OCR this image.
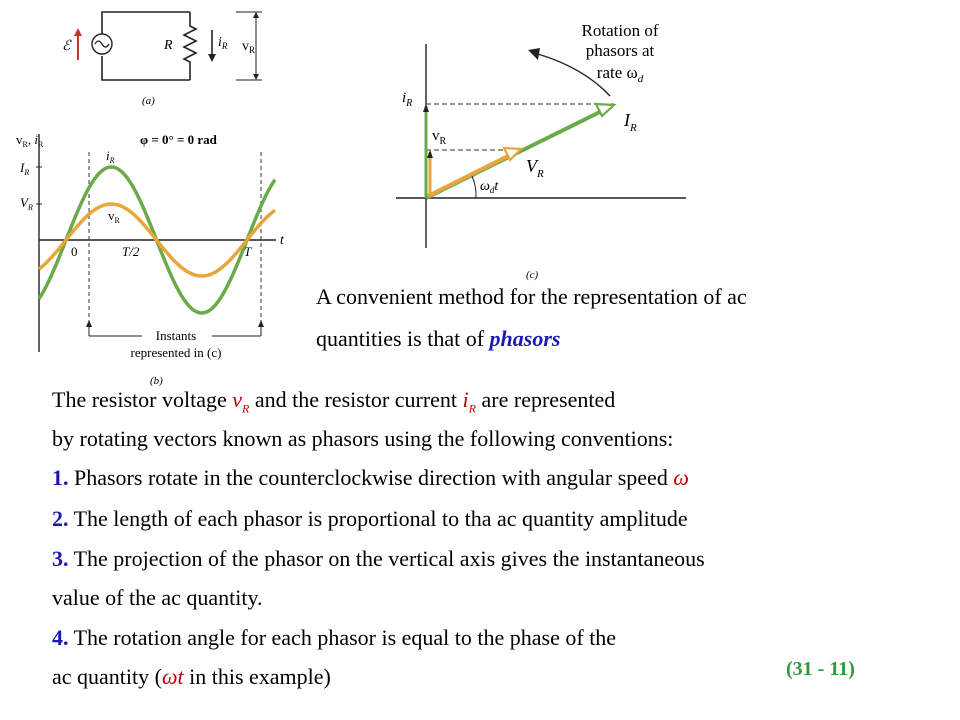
ℰ	R	$i_R$ $v_R$
(a)
$v_R$, $i_R$	φ = 0° = 0 rad
t
$I_R$
$V_R$
$i_R$
$v_R$
0	T/2	T
Instants
represented in (c)
(b)
Rotation of
phasors at
rate $\omega_d$
$i_R$
$v_R$
$I_R$
$V_R$
$\omega_dt$
(c)
A convenient method for the representation of ac
quantities is that of phasors
The resistor voltage $v_R$ and the resistor current $i_R$ are represented
by rotating vectors known as phasors using the following conventions:
1. Phasors rotate in the counterclockwise direction with angular speed ω
2. The length of each phasor is proportional to tha ac quantity amplitude
3. The projection of the phasor on the vertical axis gives the instantaneous
value of the ac quantity.
4. The rotation angle for each phasor is equal to the phase of the
ac quantity (ωt in this example)	(31 - 11)
